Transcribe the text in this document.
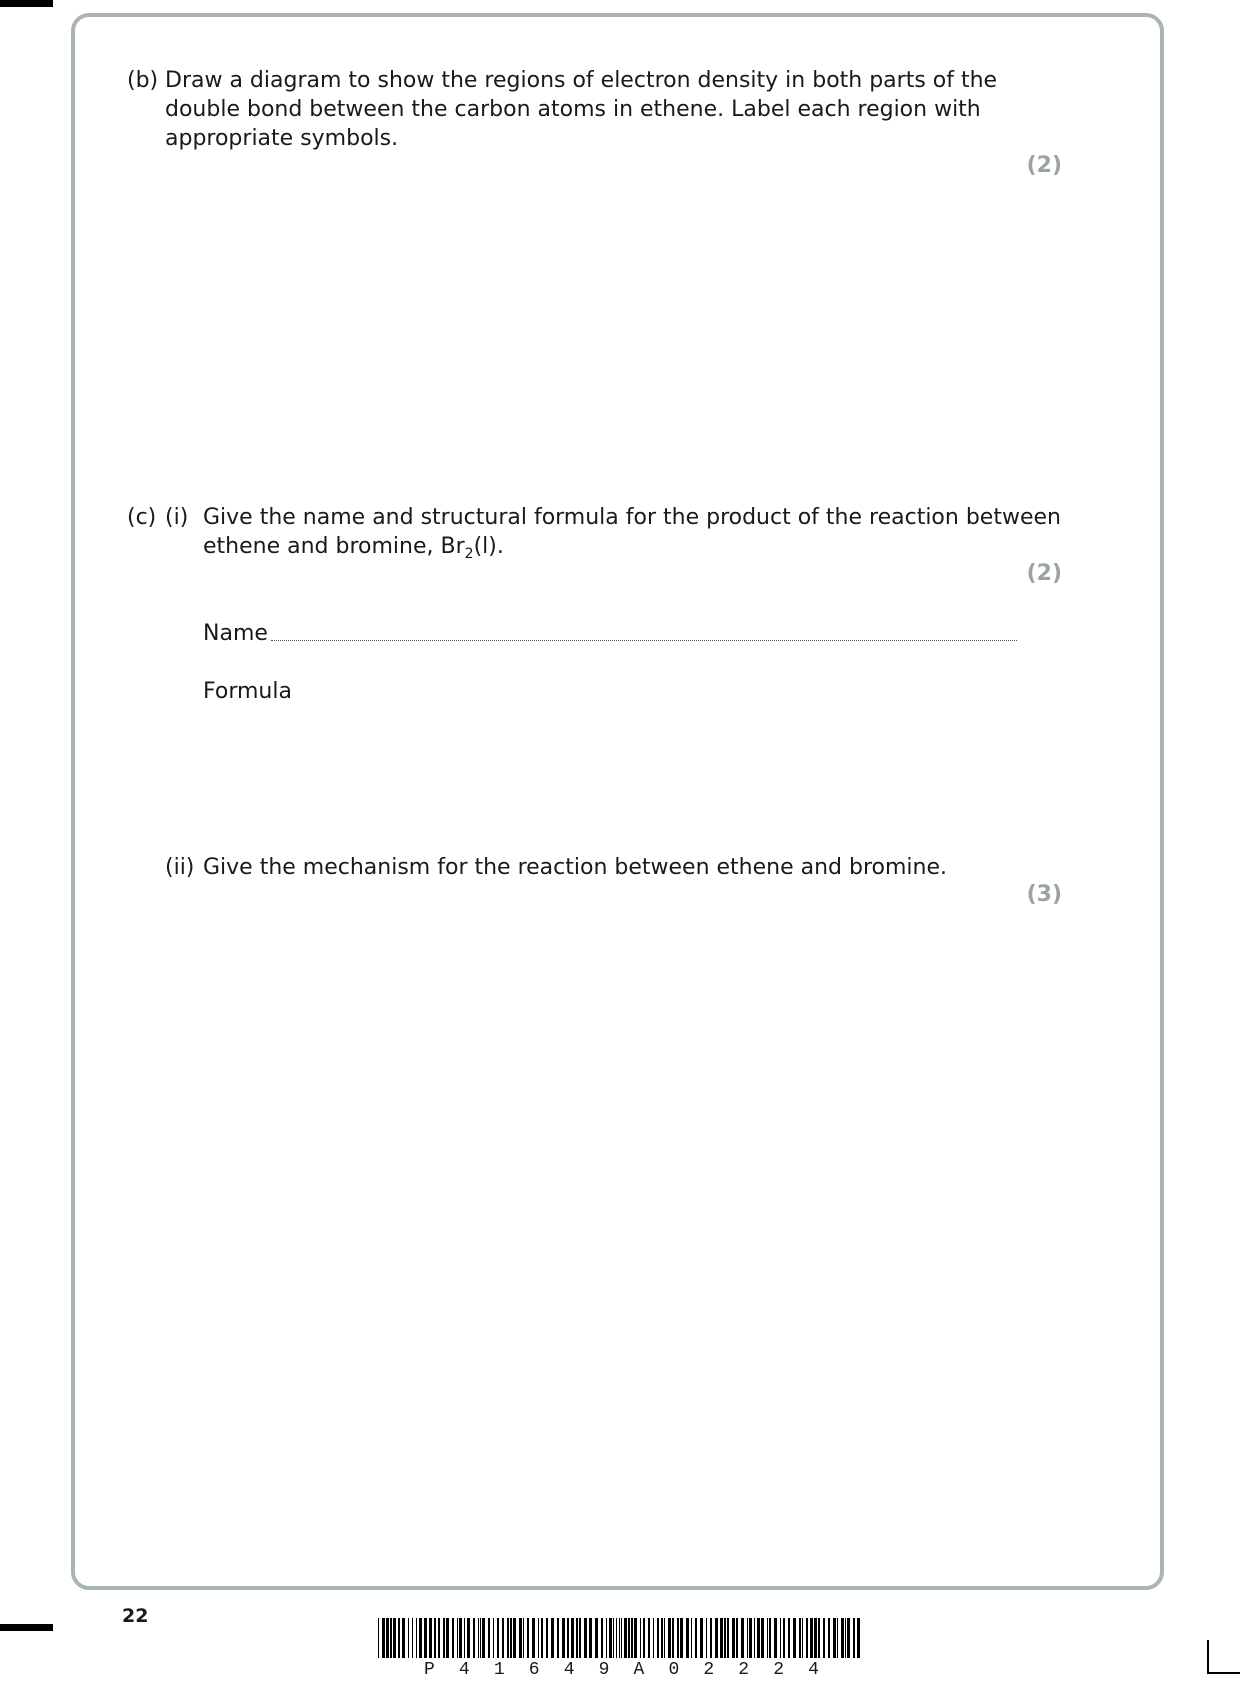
(b) Draw a diagram to show the regions of electron density in both parts of the
double bond between the carbon atoms in ethene. Label each region with
appropriate symbols.
(2)
(c) (i) Give the name and structural formula for the product of the reaction between
ethene and bromine, $Br_2(l)$.
(2)
Name
Formula
(ii) Give the mechanism for the reaction between ethene and bromine.
(3)
22
P 4 1 6 4 9 A 0 2 2 2 4
